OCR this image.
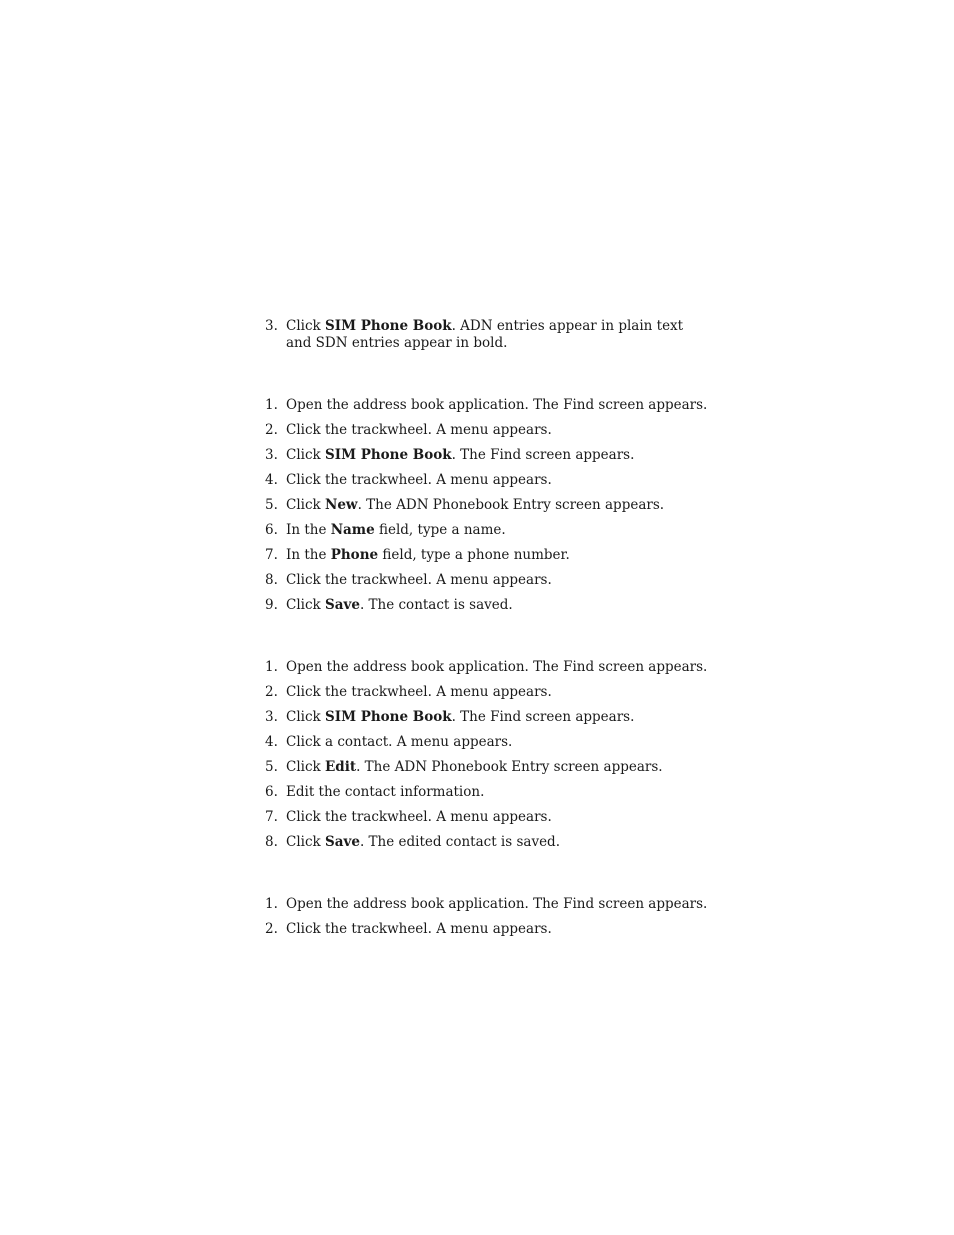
3. Click SIM Phone Book. ADN entries appear in plain text and SDN entries appear in bold.
1. Open the address book application. The Find screen appears.
2. Click the trackwheel. A menu appears.
3. Click SIM Phone Book. The Find screen appears.
4. Click the trackwheel. A menu appears.
5. Click New. The ADN Phonebook Entry screen appears.
6. In the Name field, type a name.
7. In the Phone field, type a phone number.
8. Click the trackwheel. A menu appears.
9. Click Save. The contact is saved.
1. Open the address book application. The Find screen appears.
2. Click the trackwheel. A menu appears.
3. Click SIM Phone Book. The Find screen appears.
4. Click a contact. A menu appears.
5. Click Edit. The ADN Phonebook Entry screen appears.
6. Edit the contact information.
7. Click the trackwheel. A menu appears.
8. Click Save. The edited contact is saved.
1. Open the address book application. The Find screen appears.
2. Click the trackwheel. A menu appears.
